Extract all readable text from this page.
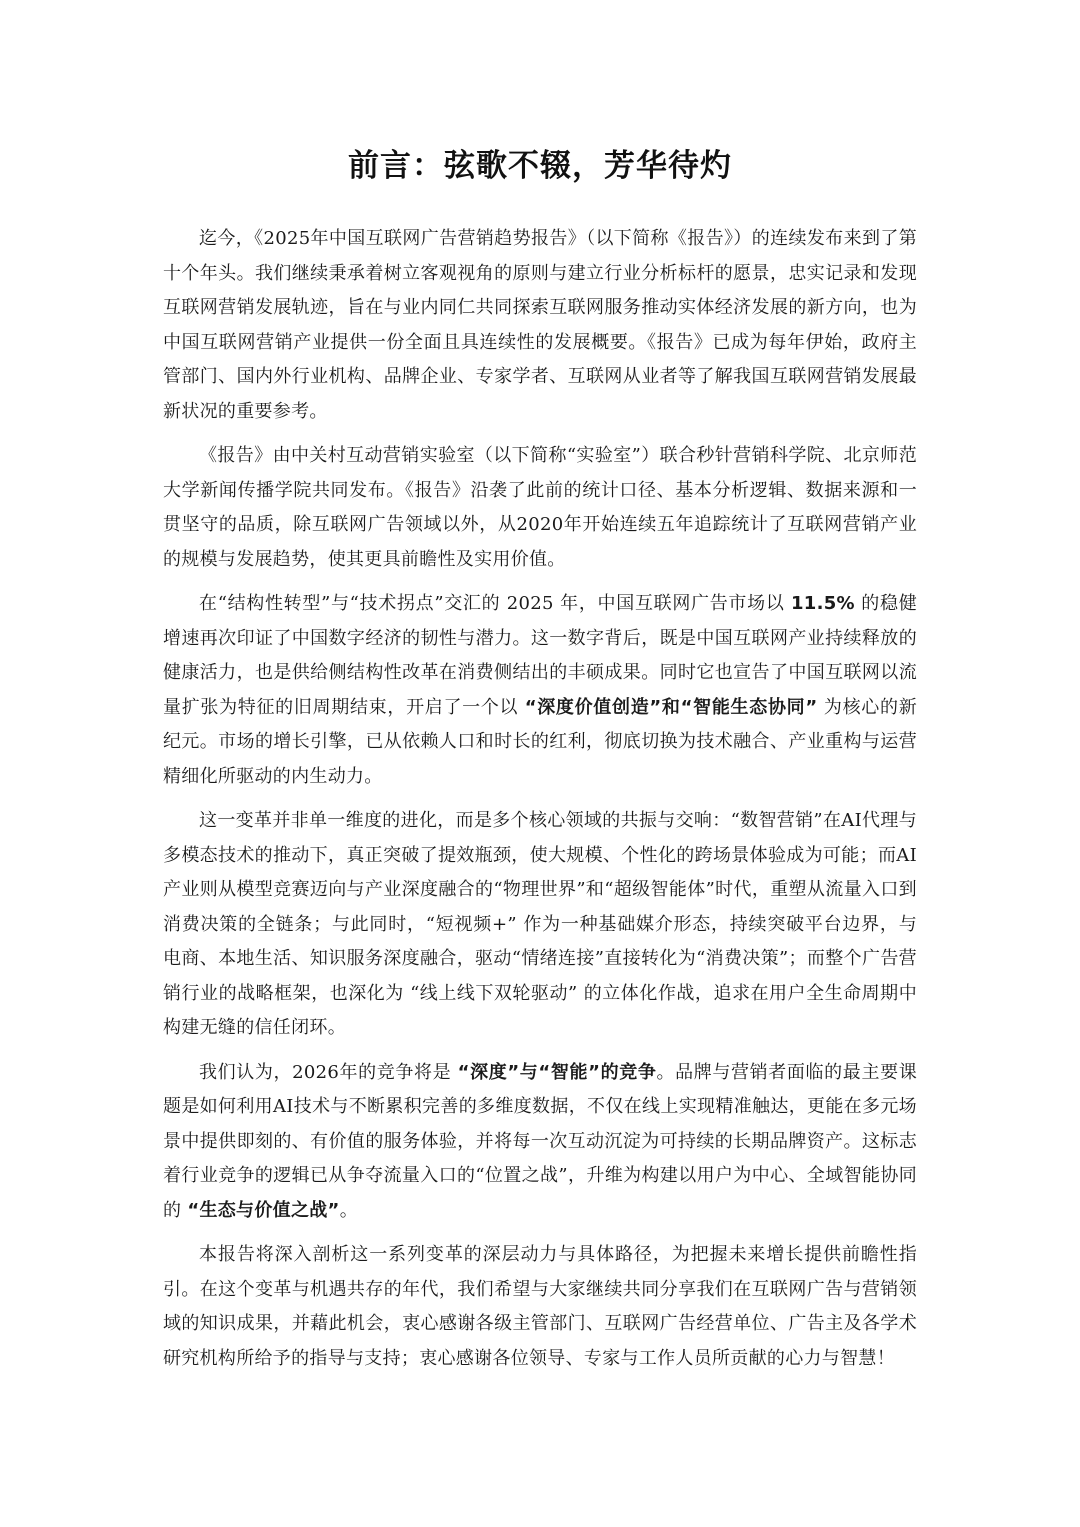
前言：弦歌不辍，芳华待灼

迄今，《2025年中国互联网广告营销趋势报告》（以下简称《报告》）的连续发布来到了第十个年头。我们继续秉承着树立客观视角的原则与建立行业分析标杆的愿景，忠实记录和发现互联网营销发展轨迹，旨在与业内同仁共同探索互联网服务推动实体经济发展的新方向，也为中国互联网营销产业提供一份全面且具连续性的发展概要。《报告》已成为每年伊始，政府主管部门、国内外行业机构、品牌企业、专家学者、互联网从业者等了解我国互联网营销发展最新状况的重要参考。

《报告》由中关村互动营销实验室（以下简称“实验室”）联合秒针营销科学院、北京师范大学新闻传播学院共同发布。《报告》沿袭了此前的统计口径、基本分析逻辑、数据来源和一贯坚守的品质，除互联网广告领域以外，从2020年开始连续五年追踪统计了互联网营销产业的规模与发展趋势，使其更具前瞻性及实用价值。

在“结构性转型”与“技术拐点”交汇的 2025 年，中国互联网广告市场以 11.5% 的稳健增速再次印证了中国数字经济的韧性与潜力。这一数字背后，既是中国互联网产业持续释放的健康活力，也是供给侧结构性改革在消费侧结出的丰硕成果。同时它也宣告了中国互联网以流量扩张为特征的旧周期结束，开启了一个以 “深度价值创造”和“智能生态协同” 为核心的新纪元。市场的增长引擎，已从依赖人口和时长的红利，彻底切换为技术融合、产业重构与运营精细化所驱动的内生动力。

这一变革并非单一维度的进化，而是多个核心领域的共振与交响：“数智营销”在AI代理与多模态技术的推动下，真正突破了提效瓶颈，使大规模、个性化的跨场景体验成为可能；而AI产业则从模型竞赛迈向与产业深度融合的“物理世界”和“超级智能体”时代，重塑从流量入口到消费决策的全链条；与此同时，“短视频+” 作为一种基础媒介形态，持续突破平台边界，与电商、本地生活、知识服务深度融合，驱动“情绪连接”直接转化为“消费决策”；而整个广告营销行业的战略框架，也深化为 “线上线下双轮驱动” 的立体化作战，追求在用户全生命周期中构建无缝的信任闭环。

我们认为，2026年的竞争将是 “深度”与“智能”的竞争。品牌与营销者面临的最主要课题是如何利用AI技术与不断累积完善的多维度数据，不仅在线上实现精准触达，更能在多元场景中提供即刻的、有价值的服务体验，并将每一次互动沉淀为可持续的长期品牌资产。这标志着行业竞争的逻辑已从争夺流量入口的“位置之战”，升维为构建以用户为中心、全域智能协同的 “生态与价值之战”。

本报告将深入剖析这一系列变革的深层动力与具体路径，为把握未来增长提供前瞻性指引。在这个变革与机遇共存的年代，我们希望与大家继续共同分享我们在互联网广告与营销领域的知识成果，并藉此机会，衷心感谢各级主管部门、互联网广告经营单位、广告主及各学术研究机构所给予的指导与支持；衷心感谢各位领导、专家与工作人员所贡献的心力与智慧！
